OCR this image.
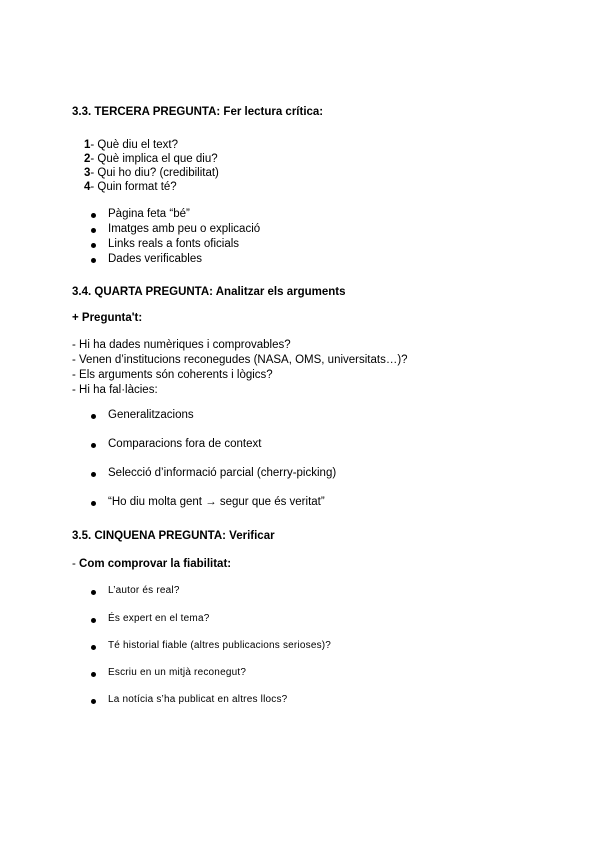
3.3. TERCERA PREGUNTA: Fer lectura crítica:
1- Què diu el text?
2- Què implica el que diu?
3- Qui ho diu? (credibilitat)
4- Quin format té?
Pàgina feta “bé”
Imatges amb peu o explicació
Links reals a fonts oficials
Dades verificables
3.4. QUARTA PREGUNTA: Analitzar els arguments
+ Pregunta't:
- Hi ha dades numèriques i comprovables?
- Venen d’institucions reconegudes (NASA, OMS, universitats…)?
- Els arguments són coherents i lògics?
- Hi ha fal·làcies:
Generalitzacions
Comparacions fora de context
Selecció d’informació parcial (cherry-picking)
“Ho diu molta gent → segur que és veritat”
3.5. CINQUENA PREGUNTA: Verificar
- Com comprovar la fiabilitat:
L’autor és real?
És expert en el tema?
Té historial fiable (altres publicacions serioses)?
Escriu en un mitjà reconegut?
La notícia s’ha publicat en altres llocs?
